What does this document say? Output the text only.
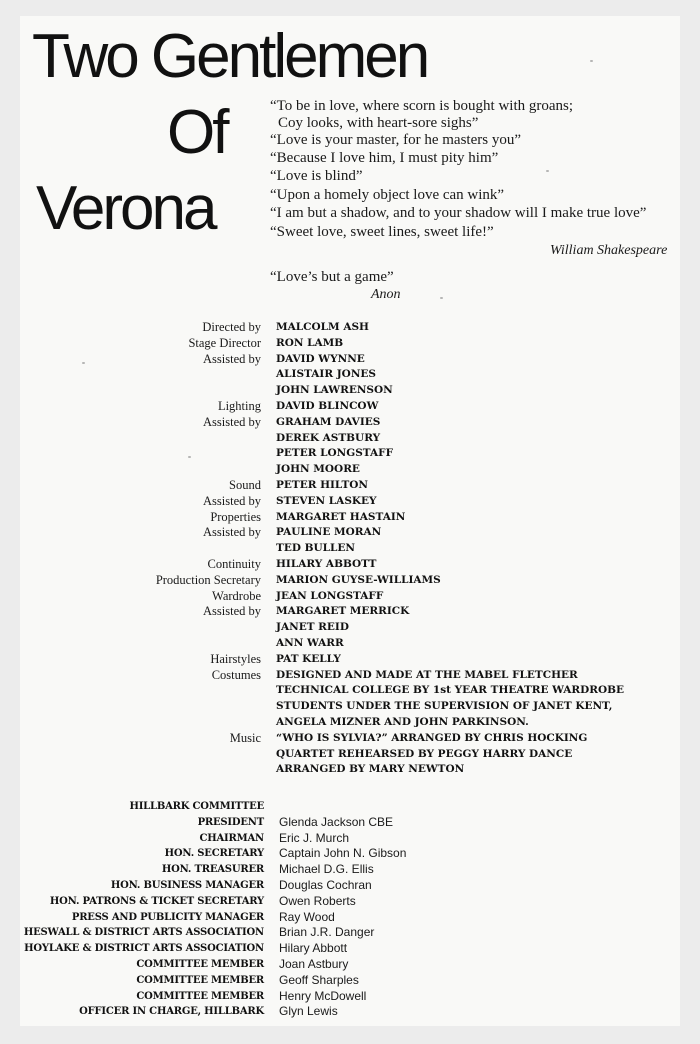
Two Gentlemen
Of
Verona
“To be in love, where scorn is bought with groans;
Coy looks, with heart-sore sighs”
“Love is your master, for he masters you”
“Because I love him, I must pity him”
“Love is blind”
“Upon a homely object love can wink”
“I am but a shadow, and to your shadow will I make true love”
“Sweet love, sweet lines, sweet life!”
William Shakespeare
“Love’s but a game”
Anon
Directed by MALCOLM ASH
Stage Director RON LAMB
Assisted by DAVID WYNNE
ALISTAIR JONES
JOHN LAWRENSON
Lighting DAVID BLINCOW
Assisted by GRAHAM DAVIES
DEREK ASTBURY
PETER LONGSTAFF
JOHN MOORE
Sound PETER HILTON
Assisted by STEVEN LASKEY
Properties MARGARET HASTAIN
Assisted by PAULINE MORAN
TED BULLEN
Continuity HILARY ABBOTT
Production Secretary MARION GUYSE-WILLIAMS
Wardrobe JEAN LONGSTAFF
Assisted by MARGARET MERRICK
JANET REID
ANN WARR
Hairstyles PAT KELLY
Costumes DESIGNED AND MADE AT THE MABEL FLETCHER TECHNICAL COLLEGE BY 1st YEAR THEATRE WARDROBE STUDENTS UNDER THE SUPERVISION OF JANET KENT, ANGELA MIZNER AND JOHN PARKINSON.
Music “WHO IS SYLVIA?” ARRANGED BY CHRIS HOCKING QUARTET REHEARSED BY PEGGY HARRY DANCE ARRANGED BY MARY NEWTON
HILLBARK COMMITTEE
PRESIDENT Glenda Jackson CBE
CHAIRMAN Eric J. Murch
HON. SECRETARY Captain John N. Gibson
HON. TREASURER Michael D.G. Ellis
HON. BUSINESS MANAGER Douglas Cochran
HON. PATRONS & TICKET SECRETARY Owen Roberts
PRESS AND PUBLICITY MANAGER Ray Wood
HESWALL & DISTRICT ARTS ASSOCIATION Brian J.R. Danger
HOYLAKE & DISTRICT ARTS ASSOCIATION Hilary Abbott
COMMITTEE MEMBER Joan Astbury
COMMITTEE MEMBER Geoff Sharples
COMMITTEE MEMBER Henry McDowell
OFFICER IN CHARGE, HILLBARK Glyn Lewis
